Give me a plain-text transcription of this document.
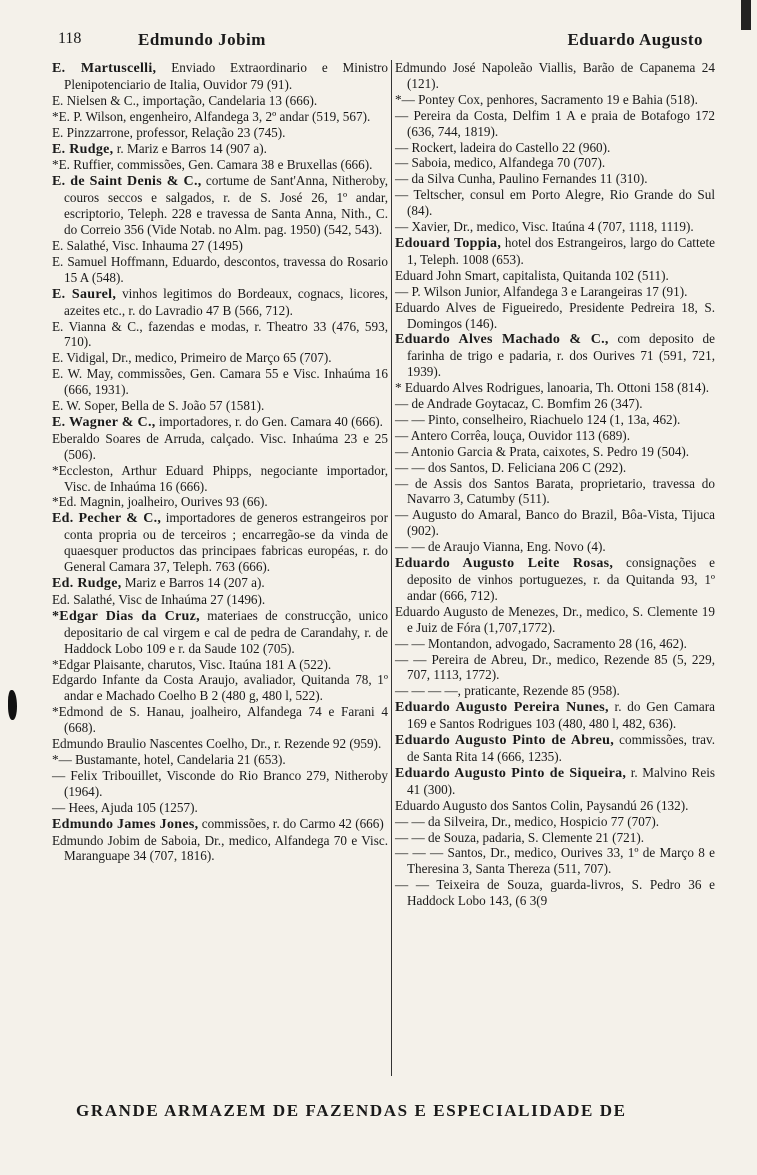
118	Edmundo Jobim	Eduardo Augusto

E. Martuscelli, Enviado Extraordinario e Ministro Plenipotenciario de Italia, Ouvidor 79 (91).

E. Nielsen & C., importação, Candelaria 13 (666).

*E. P. Wilson, engenheiro, Alfandega 3, 2º andar (519, 567).

E. Pinzzarrone, professor, Relação 23 (745).

E. Rudge, r. Mariz e Barros 14 (907 a).

*E. Ruffier, commissões, Gen. Camara 38 e Bruxellas (666).

E. de Saint Denis & C., cortume de Sant'Anna, Nitheroby, couros seccos e salgados, r. de S. José 26, 1º andar, escriptorio, Teleph. 228 e travessa de Santa Anna, Nith., C. do Correio 356 (Vide Notab. no Alm. pag. 1950) (542, 543).

E. Salathé, Visc. Inhauma 27 (1495)

E. Samuel Hoffmann, Eduardo, descontos, travessa do Rosario 15 A (548).

E. Saurel, vinhos legitimos do Bordeaux, cognacs, licores, azeites etc., r. do Lavradio 47 B (566, 712).

E. Vianna & C., fazendas e modas, r. Theatro 33 (476, 593, 710).

E. Vidigal, Dr., medico, Primeiro de Março 65 (707).

E. W. May, commissões, Gen. Camara 55 e Visc. Inhaúma 16 (666, 1931).

E. W. Soper, Bella de S. João 57 (1581).

E. Wagner & C., importadores, r. do Gen. Camara 40 (666).

Eberaldo Soares de Arruda, calçado. Visc. Inhaúma 23 e 25 (506).

*Eccleston, Arthur Eduard Phipps, negociante importador, Visc. de Inhaúma 16 (666).

*Ed. Magnin, joalheiro, Ourives 93 (66).

Ed. Pecher & C., importadores de generos estrangeiros por conta propria ou de terceiros ; encarregão-se da vinda de quaesquer productos das principaes fabricas européas, r. do General Camara 37, Teleph. 763 (666).

Ed. Rudge, Mariz e Barros 14 (207 a).

Ed. Salathé, Visc de Inhaúma 27 (1496).

*Edgar Dias da Cruz, materiaes de construcção, unico depositario de cal virgem e cal de pedra de Carandahy, r. de Haddock Lobo 109 e r. da Saude 102 (705).

*Edgar Plaisante, charutos, Visc. Itaúna 181 A (522).

Edgardo Infante da Costa Araujo, avaliador, Quitanda 78, 1º andar e Machado Coelho B 2 (480 g, 480 l, 522).

*Edmond de S. Hanau, joalheiro, Alfandega 74 e Farani 4 (668).

Edmundo Braulio Nascentes Coelho, Dr., r. Rezende 92 (959).

*— Bustamante, hotel, Candelaria 21 (653).

— Felix Tribouillet, Visconde do Rio Branco 279, Nitheroby (1964).

— Hees, Ajuda 105 (1257).

Edmundo James Jones, commissões, r. do Carmo 42 (666)

Edmundo Jobim de Saboia, Dr., medico, Alfandega 70 e Visc. Maranguape 34 (707, 1816).

Edmundo José Napoleão Viallis, Barão de Capanema 24 (121).

*— Pontey Cox, penhores, Sacramento 19 e Bahia (518).

— Pereira da Costa, Delfim 1 A e praia de Botafogo 172 (636, 744, 1819).

— Rockert, ladeira do Castello 22 (960).

— Saboia, medico, Alfandega 70 (707).

— da Silva Cunha, Paulino Fernandes 11 (310).

— Teltscher, consul em Porto Alegre, Rio Grande do Sul (84).

— Xavier, Dr., medico, Visc. Itaúna 4 (707, 1118, 1119).

Edouard Toppia, hotel dos Estrangeiros, largo do Cattete 1, Teleph. 1008 (653).

Eduard John Smart, capitalista, Quitanda 102 (511).

— P. Wilson Junior, Alfandega 3 e Larangeiras 17 (91).

Eduardo Alves de Figueiredo, Presidente Pedreira 18, S. Domingos (146).

Eduardo Alves Machado & C., com deposito de farinha de trigo e padaria, r. dos Ourives 71 (591, 721, 1939).

* Eduardo Alves Rodrigues, lanoaria, Th. Ottoni 158 (814).

— de Andrade Goytacaz, C. Bomfim 26 (347).

— — Pinto, conselheiro, Riachuelo 124 (1, 13a, 462).

— Antero Corrêa, louça, Ouvidor 113 (689).

— Antonio Garcia & Prata, caixotes, S. Pedro 19 (504).

— — dos Santos, D. Feliciana 206 C (292).

— de Assis dos Santos Barata, proprietario, travessa do Navarro 3, Catumby (511).

— Augusto do Amaral, Banco do Brazil, Bôa-Vista, Tijuca (902).

— — de Araujo Vianna, Eng. Novo (4).

Eduardo Augusto Leite Rosas, consignações e deposito de vinhos portuguezes, r. da Quitanda 93, 1º andar (666, 712).

Eduardo Augusto de Menezes, Dr., medico, S. Clemente 19 e Juiz de Fóra (1,707,1772).

— — Montandon, advogado, Sacramento 28 (16, 462).

— — Pereira de Abreu, Dr., medico, Rezende 85 (5, 229, 707, 1113, 1772).

— — — —, praticante, Rezende 85 (958).

Eduardo Augusto Pereira Nunes, r. do Gen Camara 169 e Santos Rodrigues 103 (480, 480 l, 482, 636).

Eduardo Augusto Pinto de Abreu, commissões, trav. de Santa Rita 14 (666, 1235).

Eduardo Augusto Pinto de Siqueira, r. Malvino Reis 41 (300).

Eduardo Augusto dos Santos Colin, Paysandú 26 (132).

— — da Silveira, Dr., medico, Hospicio 77 (707).

— — de Souza, padaria, S. Clemente 21 (721).

— — — Santos, Dr., medico, Ourives 33, 1º de Março 8 e Theresina 3, Santa Thereza (511, 707).

— — Teixeira de Souza, guarda-livros, S. Pedro 36 e Haddock Lobo 143, (6 3(9

GRANDE ARMAZEM DE FAZENDAS E ESPECIALIDADE DE
